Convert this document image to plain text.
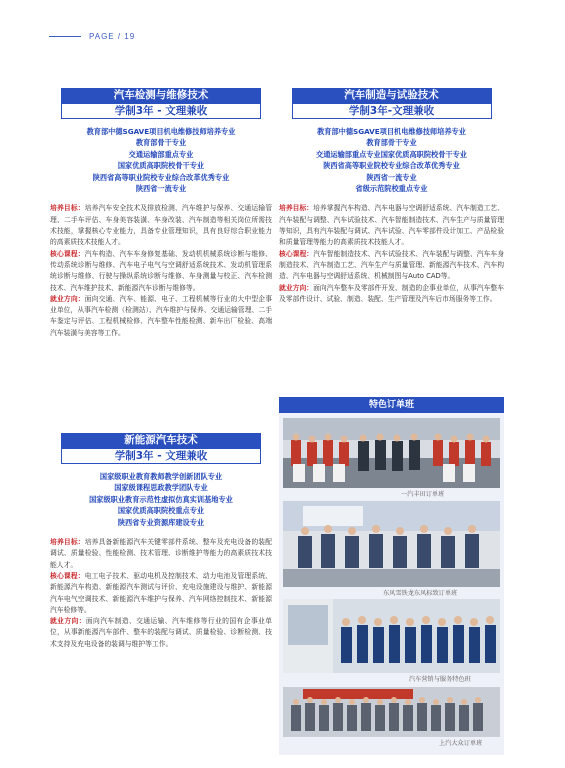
PAGE / 19
汽车检测与维修技术
学制3年 - 文理兼收
教育部中德SGAVE项目机电维修技师培养专业
教育部骨干专业
交通运输部重点专业
国家优质高职院校骨干专业
陕西省高等职业院校专业综合改革优秀专业
陕西省一流专业

培养目标：培养汽车安全技术及排放检测、汽车维护与保养、交通运输管理、二手车评估、车身美容装潢、车身改装、汽车制造等相关岗位所需技术技能，掌握核心专业能力，具备专业管理知识，具有良好综合职业能力的高素质技术技能人才。

核心课程：汽车构造、汽车车身修复基础、发动机机械系统诊断与维修、传动系统诊断与维修、汽车电子电气与空调舒适系统技术、发动机管理系统诊断与维修、行驶与操纵系统诊断与维修、车身测量与校正、汽车检测技术、汽车维护技术、新能源汽车诊断与维修等。

就业方向：面向交通、汽车、能源、电子、工程机械等行业的大中型企事业单位，从事汽车检测（检测站）、汽车维护与保养、交通运输管理、二手车鉴定与评估、工程机械检修、汽车整车性能检测、新车出厂检验、高端汽车装潢与美容等工作。

汽车制造与试验技术
学制3年-文理兼收
教育部中德SGAVE项目机电维修技师培养专业
教育部骨干专业
交通运输部重点专业国家优质高职院校骨干专业
陕西省高等职业院校专业综合改革优秀专业
陕西省一流专业
省级示范院校重点专业

培养目标：培养掌握汽车构造、汽车电器与空调舒适系统、汽车制造工艺、汽车装配与调整、汽车试验技术、汽车智能制造技术、汽车生产与质量管理等知识，具有汽车装配与调试、汽车试验、汽车零部件设计加工、产品检验和质量管理等能力的高素质技术技能人才。

核心课程：汽车智能制造技术、汽车试验技术、汽车装配与调整、汽车车身制造技术、汽车制造工艺、汽车生产与质量管理、新能源汽车技术、汽车构造、汽车电器与空调舒适系统、机械制图与Auto CAD等。

就业方向：面向汽车整车及零部件开发、制造的企事业单位，从事汽车整车及零部件设计、试验、制造、装配、生产管理及汽车后市场服务等工作。

新能源汽车技术
学制3年 - 文理兼收
国家级职业教育教师教学创新团队专业
国家级课程思政教学团队专业
国家级职业教育示范性虚拟仿真实训基地专业
国家优质高职院校重点专业
陕西省专业资源库建设专业

培养目标：培养具备新能源汽车关键零部件系统、整车及充电设备的装配调试、质量检验、性能检测、技术管理、诊断维护等能力的高素质技术技能人才。

核心课程：电工电子技术、驱动电机及控制技术、动力电池及管理系统、新能源汽车构造、新能源汽车测试与评价、充电设施建设与维护、新能源汽车电气空调技术、新能源汽车维护与保养、汽车网络控制技术、新能源汽车检修等。

就业方向：面向汽车制造、交通运输、汽车维修等行业的国有企事业单位，从事新能源汽车部件、整车的装配与调试、质量检验、诊断检测、技术支持及充电设备的装调与维护等工作。

特色订单班
一汽丰田订单班
东风雪铁龙东风标致订单班
汽车营销与服务特色班
上汽大众订单班
